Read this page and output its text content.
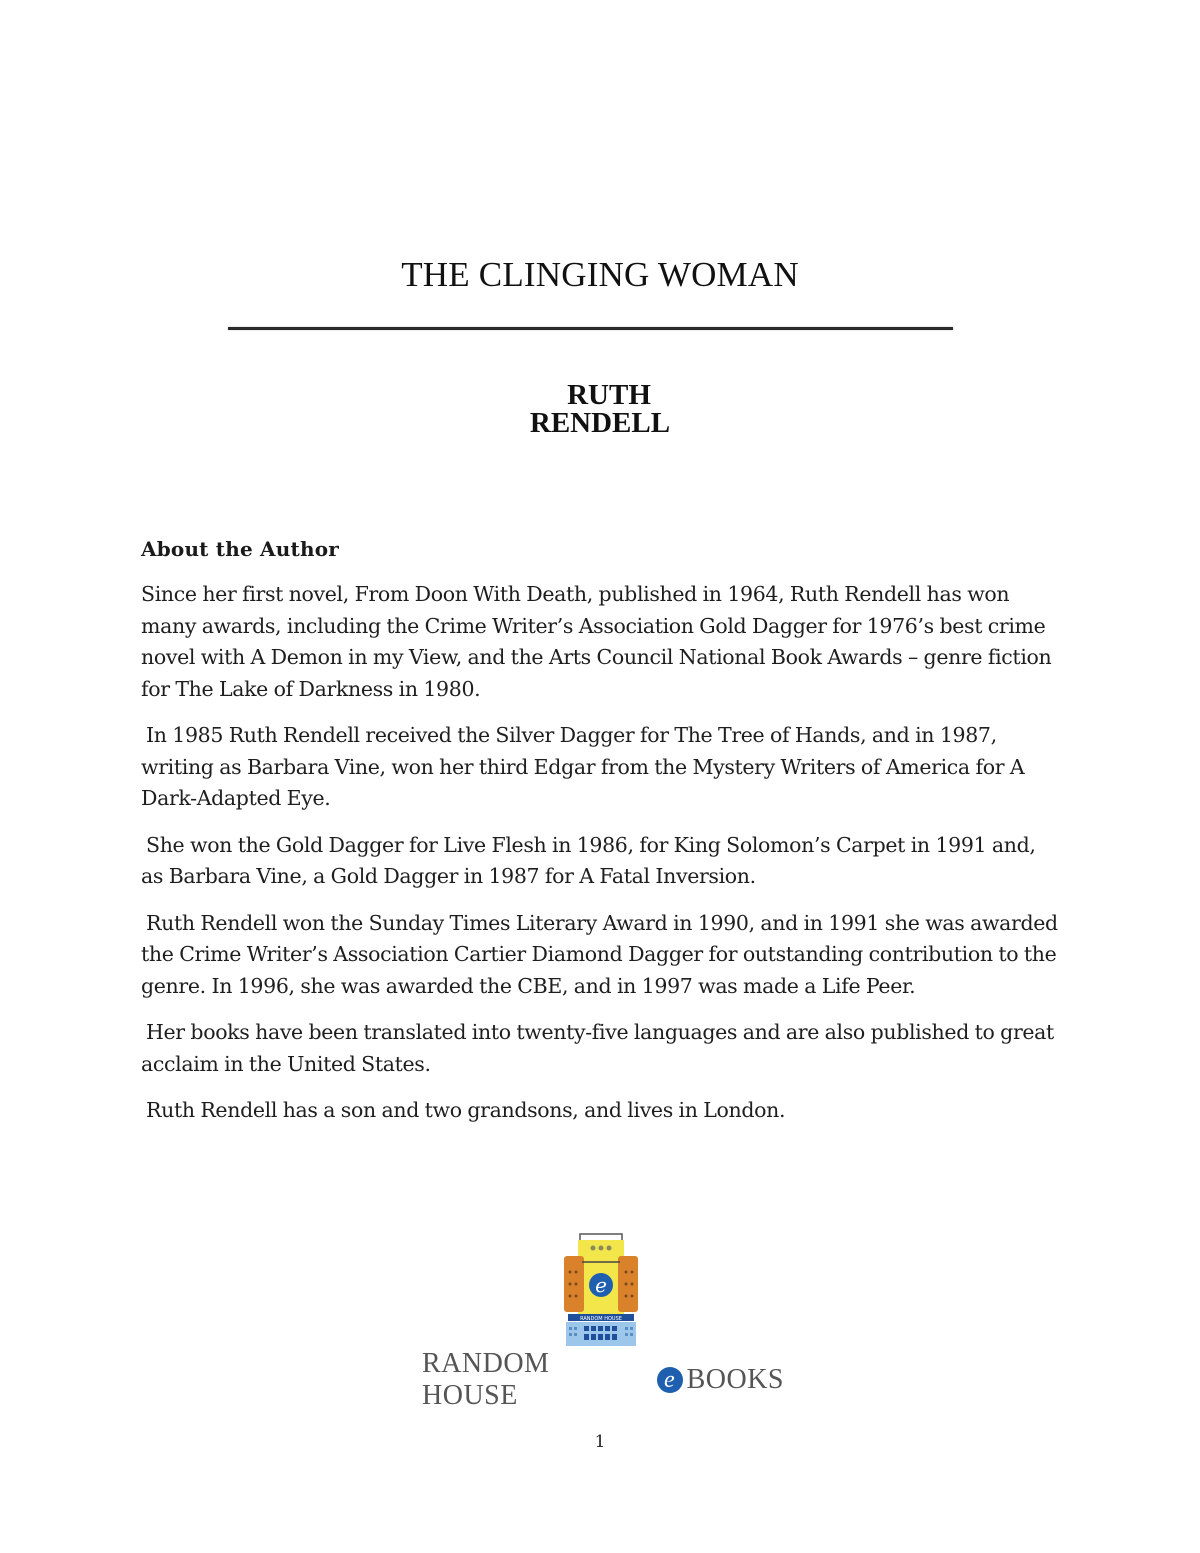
THE CLINGING WOMAN
RUTH
RENDELL
About the Author

Since her first novel, From Doon With Death, published in 1964, Ruth Rendell has won many awards, including the Crime Writer’s Association Gold Dagger for 1976’s best crime novel with A Demon in my View, and the Arts Council National Book Awards – genre fiction for The Lake of Darkness in 1980.

In 1985 Ruth Rendell received the Silver Dagger for The Tree of Hands, and in 1987, writing as Barbara Vine, won her third Edgar from the Mystery Writers of America for A Dark-Adapted Eye.

She won the Gold Dagger for Live Flesh in 1986, for King Solomon’s Carpet in 1991 and, as Barbara Vine, a Gold Dagger in 1987 for A Fatal Inversion.

Ruth Rendell won the Sunday Times Literary Award in 1990, and in 1991 she was awarded the Crime Writer’s Association Cartier Diamond Dagger for outstanding contribution to the genre. In 1996, she was awarded the CBE, and in 1997 was made a Life Peer.

Her books have been translated into twenty-five languages and are also published to great acclaim in the United States.

Ruth Rendell has a son and two grandsons, and lives in London.

e
RANDOM HOUSE
RANDOM HOUSE	e BOOKS
1
